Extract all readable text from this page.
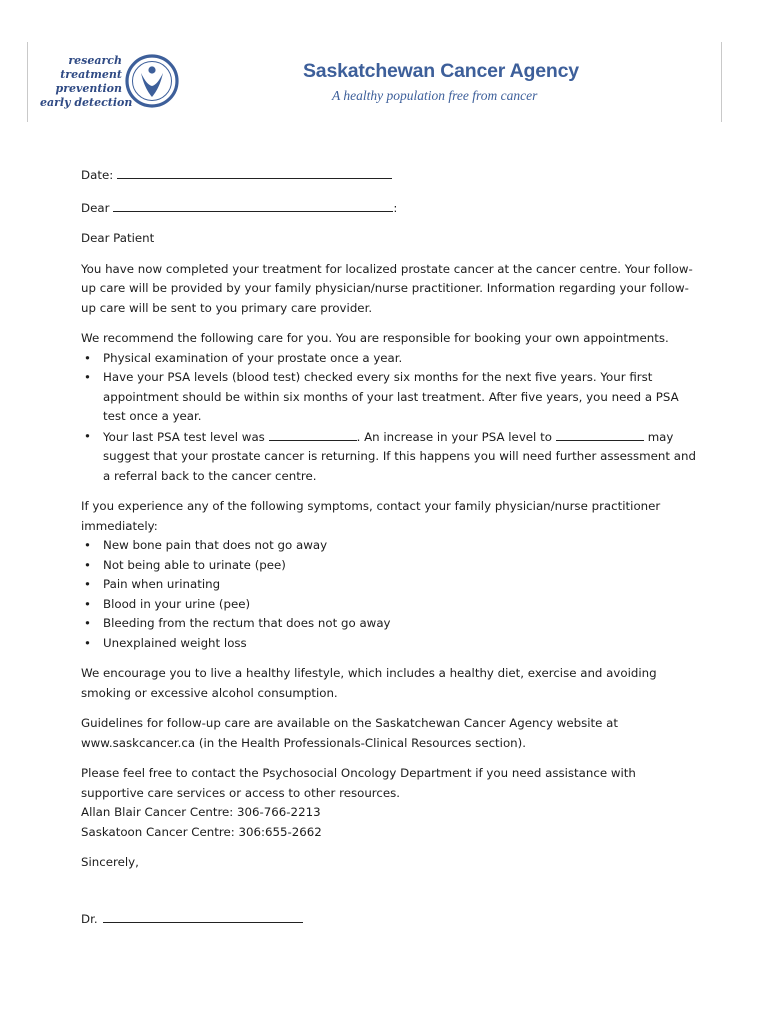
research
treatment
prevention
early detection
Saskatchewan Cancer Agency
A healthy population free from cancer

Date:

Dear	:

Dear Patient

You have now completed your treatment for localized prostate cancer at the cancer centre. Your follow-up care will be provided by your family physician/nurse practitioner. Information regarding your follow-up care will be sent to you primary care provider.

We recommend the following care for you. You are responsible for booking your own appointments.

• Physical examination of your prostate once a year.
• Have your PSA levels (blood test) checked every six months for the next five years. Your first appointment should be within six months of your last treatment. After five years, you need a PSA test once a year.
• Your last PSA test level was	. An increase in your PSA level to	may suggest that your prostate cancer is returning. If this happens you will need further assessment and a referral back to the cancer centre.

If you experience any of the following symptoms, contact your family physician/nurse practitioner immediately:

• New bone pain that does not go away
• Not being able to urinate (pee)
• Pain when urinating
• Blood in your urine (pee)
• Bleeding from the rectum that does not go away
• Unexplained weight loss

We encourage you to live a healthy lifestyle, which includes a healthy diet, exercise and avoiding smoking or excessive alcohol consumption.

Guidelines for follow-up care are available on the Saskatchewan Cancer Agency website at www.saskcancer.ca (in the Health Professionals-Clinical Resources section).

Please feel free to contact the Psychosocial Oncology Department if you need assistance with supportive care services or access to other resources.
Allan Blair Cancer Centre: 306-766-2213
Saskatoon Cancer Centre: 306:655-2662

Sincerely,

Dr.
